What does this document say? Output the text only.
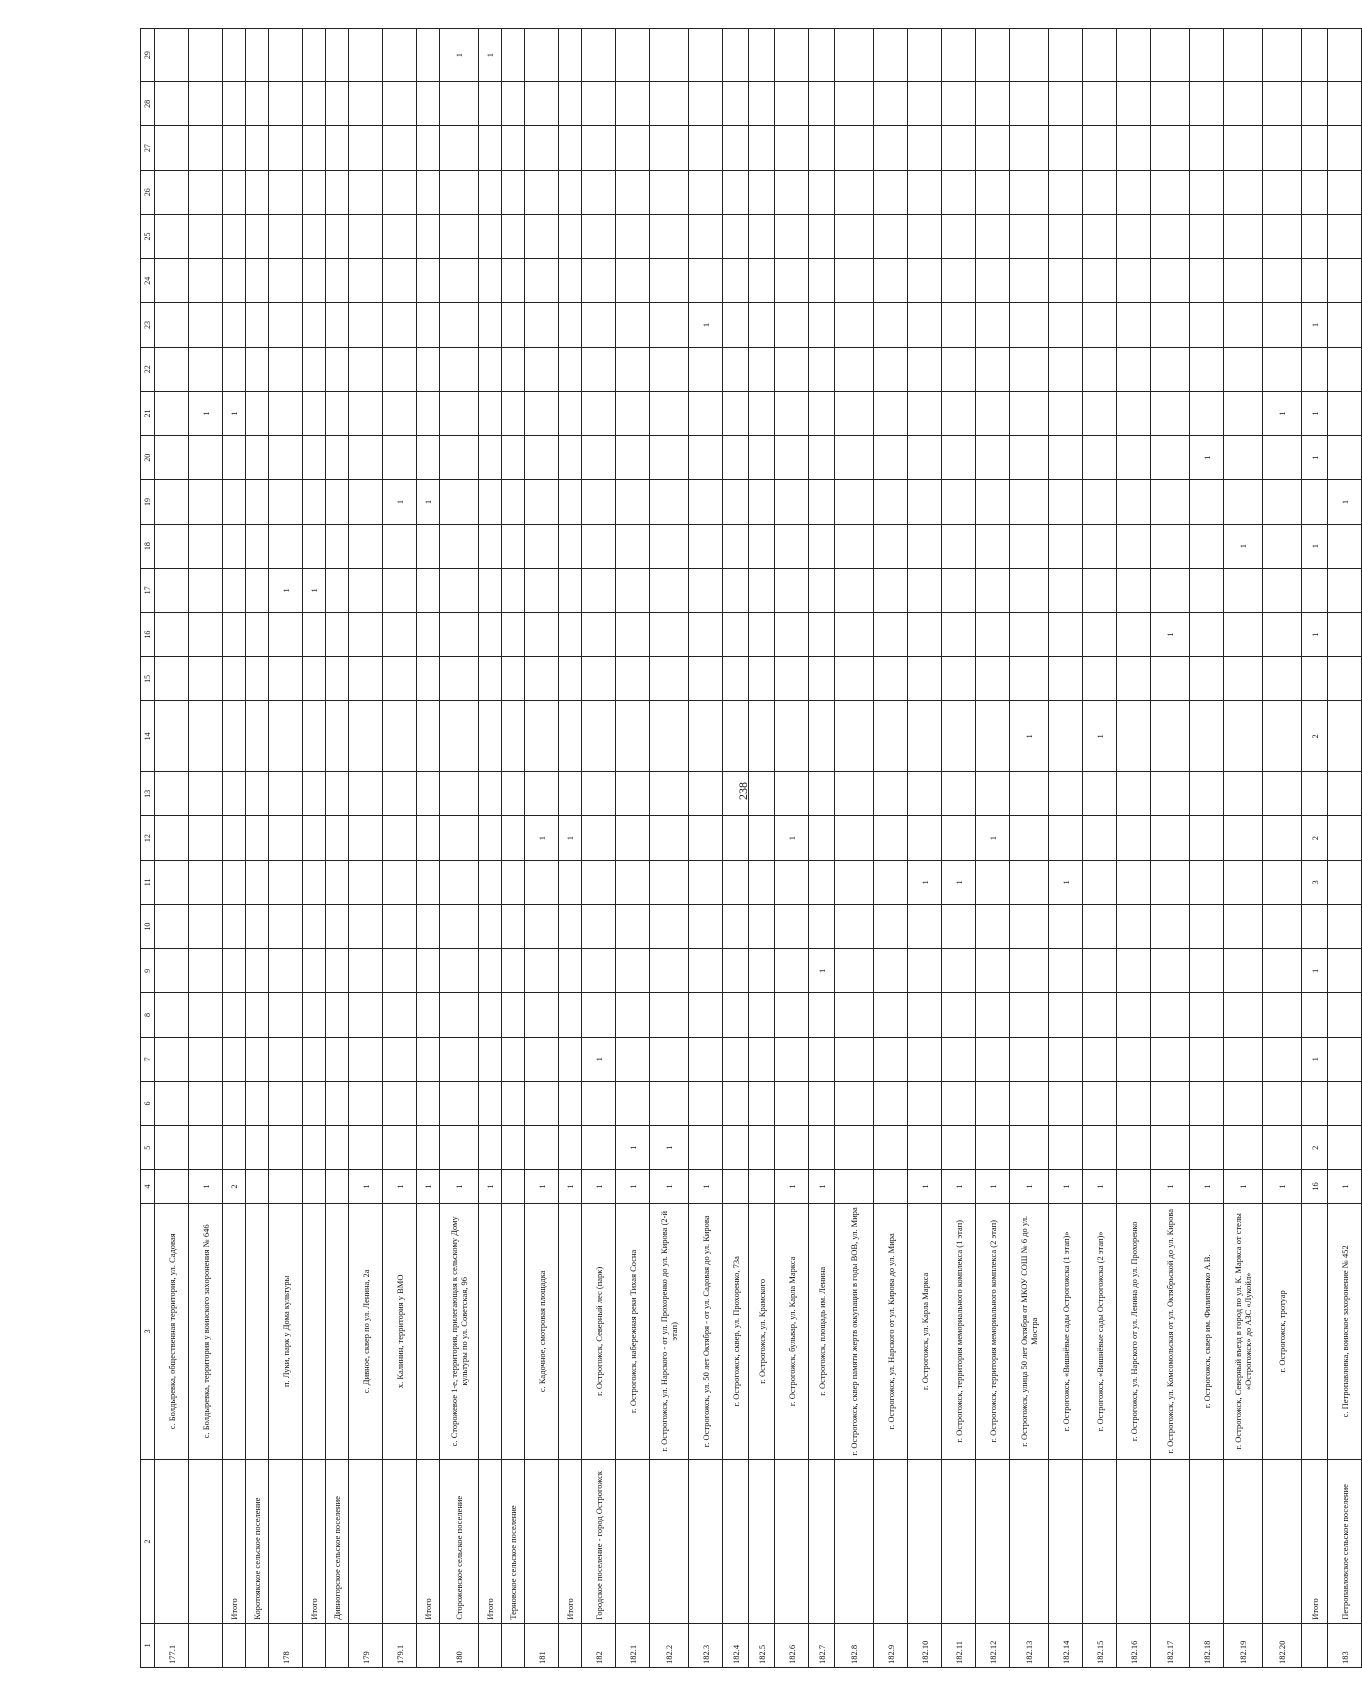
238
1	2	3	4	5	6	7	8	9	10	11	12	13	14	15	16	17	18	19	20	21	22	23	24	25	26	27	28	29
177.1		с. Болдыревка, общественная территория, ул. Садовая																										
		с. Болдыревка, территория у воинского захоронения № 646	1																	1								
	Итого		2																	1								
	Коротоякское сельское поселение																											
178		п. Луки, парк у Дома культуры														1												
	Итого															1												
	Дивногорское сельское поселение																											
179		с. Дивное, сквер по ул. Ленина, 2а	1																									
179.1		х. Калинин, территория у ВМО	1															1										
	Итого		1															1										
180	Сторожевское сельское поселение	с. Сторожевое 1-е, территория, прилегающая к сельскому Дому культуры по ул. Советская, 96	1																									1
	Итого		1																									1
	Терновское сельское поселение																											
181		с. Кадочное, смотровая площадка	1								1																	
	Итого		1								1																	
182	Городское поселение - город Острогожск	г. Острогожск, Северный лес (парк)	1			1																						
182.1		г. Острогожск, набережная реки Тихая Сосна	1	1																								
182.2		г. Острогожск, ул. Нарского - от ул. Прохоренко до ул. Кирова (2-й этап)	1	1																								
182.3		г. Острогожск, ул. 50 лет Октября - от ул. Садовая до ул. Кирова	1																			1						
182.4		г. Острогожск, сквер, ул. Прохоренко, 73а																										
182.5		г. Острогожск, ул. Крамского																										
182.6		г. Острогожск, бульвар, ул. Карла Маркса	1								1																	
182.7		г. Острогожск, площадь им. Ленина	1					1																				
182.8		г. Острогожск, сквер памяти жертв оккупации в годы ВОВ, ул. Мира																										
182.9		г. Острогожск, ул. Нарского от ул. Кирова до ул. Мира																										
182.10		г. Острогожск, ул. Карла Маркса	1							1																		
182.11		г. Острогожск, территория мемориального комплекса (1 этап)	1							1																		
182.12		г. Острогожск, территория мемориального комплекса (2 этап)	1								1																	
182.13		г. Острогожск, улица 50 лет Октября от МКОУ СОШ № 6 до ул. Мостра	1										1															
182.14		г. Острогожск, «Вишнёвые сады Острогожска (1 этап)»	1							1																		
182.15		г. Острогожск, «Вишнёвые сады Острогожска (2 этап)»	1										1															
182.16		г. Острогожск, ул. Нарского от ул. Ленина до ул. Прохоренко																										
182.17		г. Острогожск, ул. Комсомольская от ул. Октябрьской до ул. Кирова	1												1													
182.18		г. Острогожск, сквер им. Филипченко А.В.	1																1									
182.19		г. Острогожск, Северный въезд в город по ул. К. Маркса от стелы «Острогожск» до АЗС «Лукойл»	1														1											
182.20		г. Острогожск, тротуар	1																	1								
	Итого		16	2		1		1		3	2		2		1		1		1	1		1						
183	Петропавловское сельское поселение	с. Петропавловка, воинское захоронение № 452	1															1										
